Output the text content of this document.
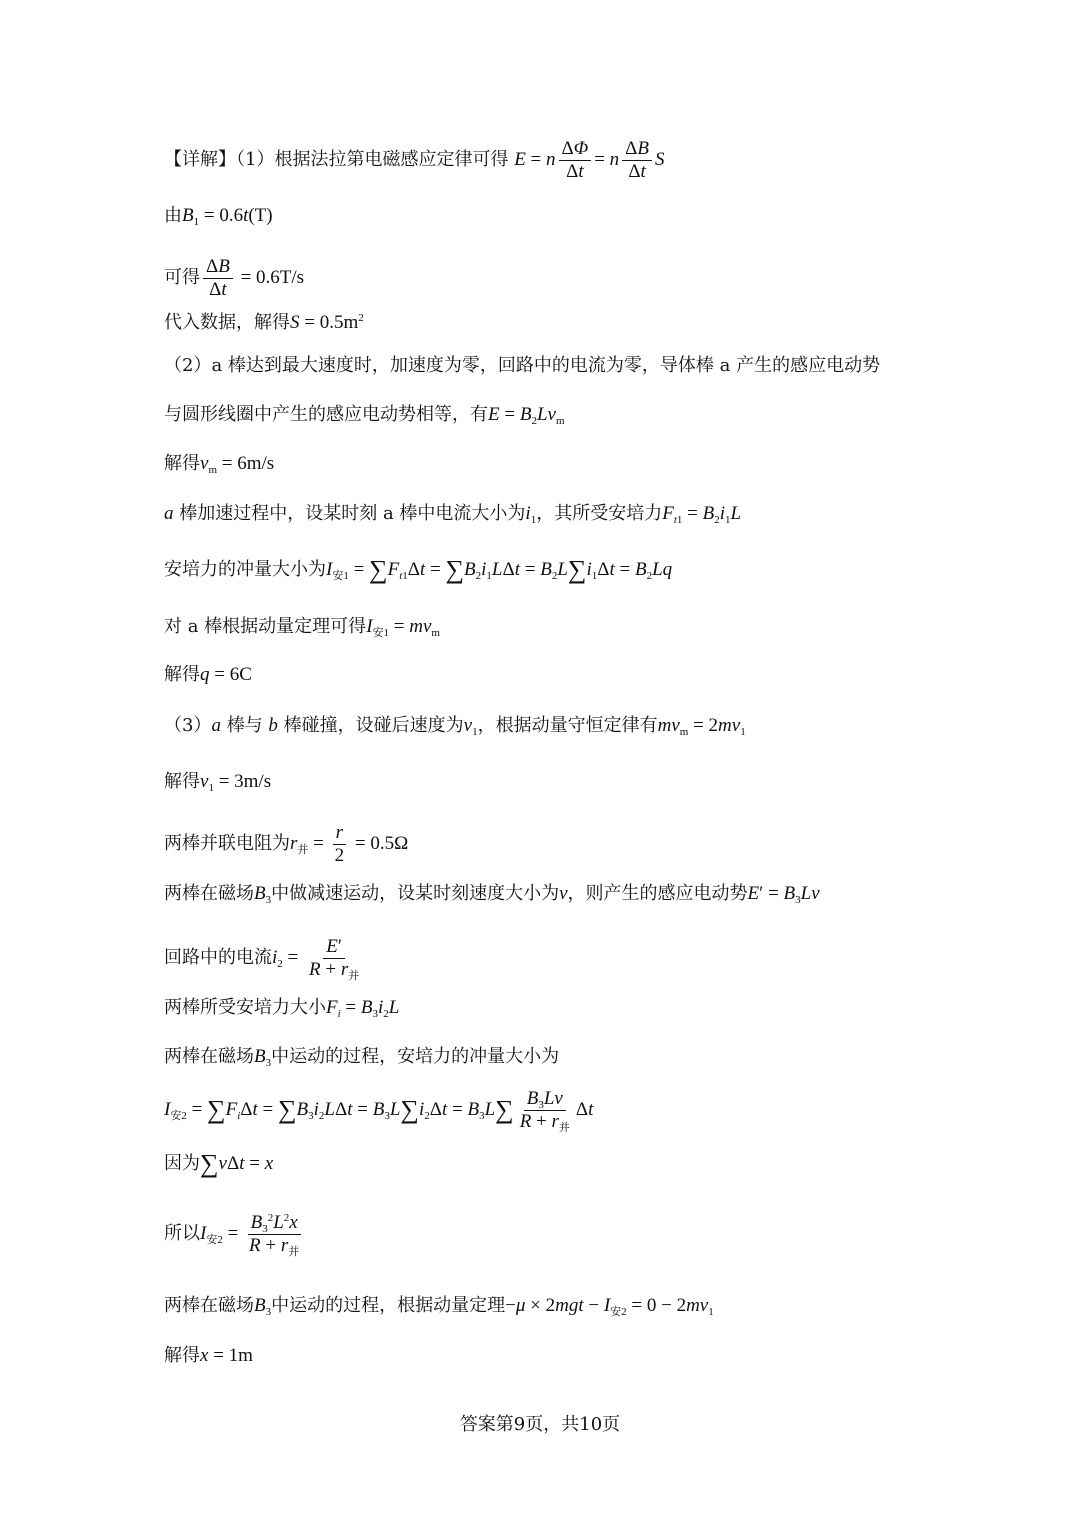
【详解】（1）根据法拉第电磁感应定律可得 E = n $\frac{\Delta\Phi}{\Delta t} = n \frac{\Delta B}{\Delta t}$ S
由$B_1 = 0.6t(T)$
可得 $\frac{\Delta B}{\Delta t} = 0.6T/s$
代入数据，解得$S = 0.5m^2$
（2）a 棒达到最大速度时，加速度为零，回路中的电流为零，导体棒 a 产生的感应电动势
与圆形线圈中产生的感应电动势相等，有$E = B_2Lv_m$
解得$v_m = 6m/s$
a 棒加速过程中，设某时刻 a 棒中电流大小为$i_1$，其所受安培力$F_{t1} = B_2i_1L$
安培力的冲量大小为$I_{安1} = \sum F_{t1}\Delta t = \sum B_2i_1L\Delta t = B_2L\sum i_1\Delta t = B_2Lq$
对 a 棒根据动量定理可得$I_{安1} = mv_m$
解得q = 6C
（3）a 棒与 b 棒碰撞，设碰后速度为$v_1$，根据动量守恒定律有$mv_m = 2mv_1$
解得$v_1 = 3m/s$
两棒并联电阻为$r_并 = \frac{r}{2} = 0.5\Omega$
两棒在磁场$B_3$中做减速运动，设某时刻速度大小为v，则产生的感应电动势$E' = B_3Lv$
回路中的电流$i_2 = \frac{E'}{R + r_并}$
两棒所受安培力大小$F_i = B_3i_2L$
两棒在磁场$B_3$中运动的过程，安培力的冲量大小为
$I_{安2} = \sum F_i\Delta t = \sum B_3i_2L\Delta t = B_3L\sum i_2\Delta t = B_3L\sum \frac{B_3Lv}{R + r_并}$ Δt
因为∑vΔt = x
所以$I_{安2} = \frac{B_3^2L^2x}{R + r_并}$
两棒在磁场$B_3$中运动的过程，根据动量定理$-\mu \times 2mgt - I_{安2} = 0 - 2mv_1$
解得x = 1m
答案第9页，共10页
